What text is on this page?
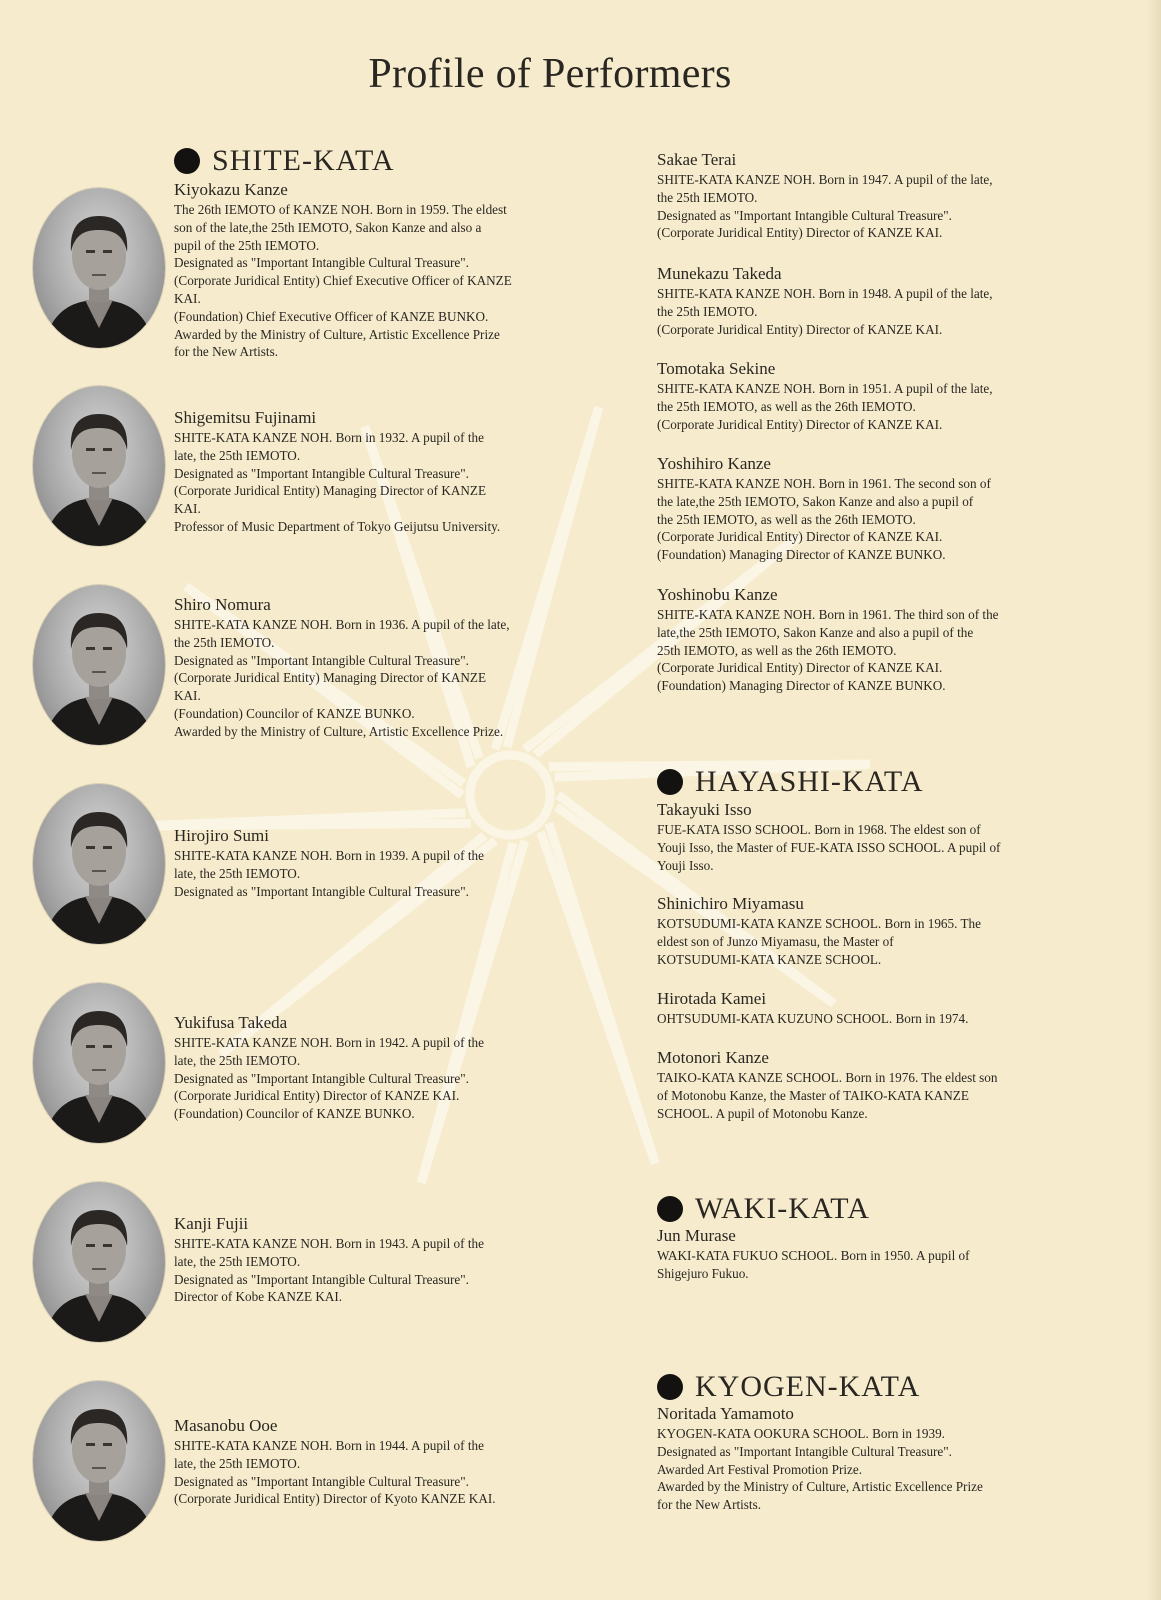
Profile of Performers
SHITE-KATA
HAYASHI-KATA
WAKI-KATA
KYOGEN-KATA

Kiyokazu Kanze

The 26th IEMOTO of KANZE NOH. Born in 1959. The eldest
son of the late,the 25th IEMOTO, Sakon Kanze and also a
pupil of the 25th IEMOTO.
Designated as "Important Intangible Cultural Treasure".
(Corporate Juridical Entity) Chief Executive Officer of KANZE
KAI.
(Foundation) Chief Executive Officer of KANZE BUNKO.
Awarded by the Ministry of Culture, Artistic Excellence Prize
for the New Artists.

Shigemitsu Fujinami

SHITE-KATA KANZE NOH. Born in 1932. A pupil of the
late, the 25th IEMOTO.
Designated as "Important Intangible Cultural Treasure".
(Corporate Juridical Entity) Managing Director of KANZE
KAI.
Professor of Music Department of Tokyo Geijutsu University.

Shiro Nomura

SHITE-KATA KANZE NOH. Born in 1936. A pupil of the late,
the 25th IEMOTO.
Designated as "Important Intangible Cultural Treasure".
(Corporate Juridical Entity) Managing Director of KANZE
KAI.
(Foundation) Councilor of KANZE BUNKO.
Awarded by the Ministry of Culture, Artistic Excellence Prize.

Hirojiro Sumi

SHITE-KATA KANZE NOH. Born in 1939. A pupil of the
late, the 25th IEMOTO.
Designated as "Important Intangible Cultural Treasure".

Yukifusa Takeda

SHITE-KATA KANZE NOH. Born in 1942. A pupil of the
late, the 25th IEMOTO.
Designated as "Important Intangible Cultural Treasure".
(Corporate Juridical Entity) Director of KANZE KAI.
(Foundation) Councilor of KANZE BUNKO.

Kanji Fujii

SHITE-KATA KANZE NOH. Born in 1943. A pupil of the
late, the 25th IEMOTO.
Designated as "Important Intangible Cultural Treasure".
Director of Kobe KANZE KAI.

Masanobu Ooe

SHITE-KATA KANZE NOH. Born in 1944. A pupil of the
late, the 25th IEMOTO.
Designated as "Important Intangible Cultural Treasure".
(Corporate Juridical Entity) Director of Kyoto KANZE KAI.

Sakae Terai

SHITE-KATA KANZE NOH. Born in 1947. A pupil of the late,
the 25th IEMOTO.
Designated as "Important Intangible Cultural Treasure".
(Corporate Juridical Entity) Director of KANZE KAI.

Munekazu Takeda

SHITE-KATA KANZE NOH. Born in 1948. A pupil of the late,
the 25th IEMOTO.
(Corporate Juridical Entity) Director of KANZE KAI.

Tomotaka Sekine

SHITE-KATA KANZE NOH. Born in 1951. A pupil of the late,
the 25th IEMOTO, as well as the 26th IEMOTO.
(Corporate Juridical Entity) Director of KANZE KAI.

Yoshihiro Kanze

SHITE-KATA KANZE NOH. Born in 1961. The second son of
the late,the 25th IEMOTO, Sakon Kanze and also a pupil of
the 25th IEMOTO, as well as the 26th IEMOTO.
(Corporate Juridical Entity) Director of KANZE KAI.
(Foundation) Managing Director of KANZE BUNKO.

Yoshinobu Kanze

SHITE-KATA KANZE NOH. Born in 1961. The third son of the
late,the 25th IEMOTO, Sakon Kanze and also a pupil of the
25th IEMOTO, as well as the 26th IEMOTO.
(Corporate Juridical Entity) Director of KANZE KAI.
(Foundation) Managing Director of KANZE BUNKO.

Takayuki Isso

FUE-KATA ISSO SCHOOL. Born in 1968. The eldest son of
Youji Isso, the Master of FUE-KATA ISSO SCHOOL. A pupil of
Youji Isso.

Shinichiro Miyamasu

KOTSUDUMI-KATA KANZE SCHOOL. Born in 1965. The
eldest son of Junzo Miyamasu, the Master of
KOTSUDUMI-KATA KANZE SCHOOL.

Hirotada Kamei

OHTSUDUMI-KATA KUZUNO SCHOOL. Born in 1974.

Motonori Kanze

TAIKO-KATA KANZE SCHOOL. Born in 1976. The eldest son
of Motonobu Kanze, the Master of TAIKO-KATA KANZE
SCHOOL. A pupil of Motonobu Kanze.

Jun Murase

WAKI-KATA FUKUO SCHOOL. Born in 1950. A pupil of
Shigejuro Fukuo.

Noritada Yamamoto

KYOGEN-KATA OOKURA SCHOOL. Born in 1939.
Designated as "Important Intangible Cultural Treasure".
Awarded Art Festival Promotion Prize.
Awarded by the Ministry of Culture, Artistic Excellence Prize
for the New Artists.
